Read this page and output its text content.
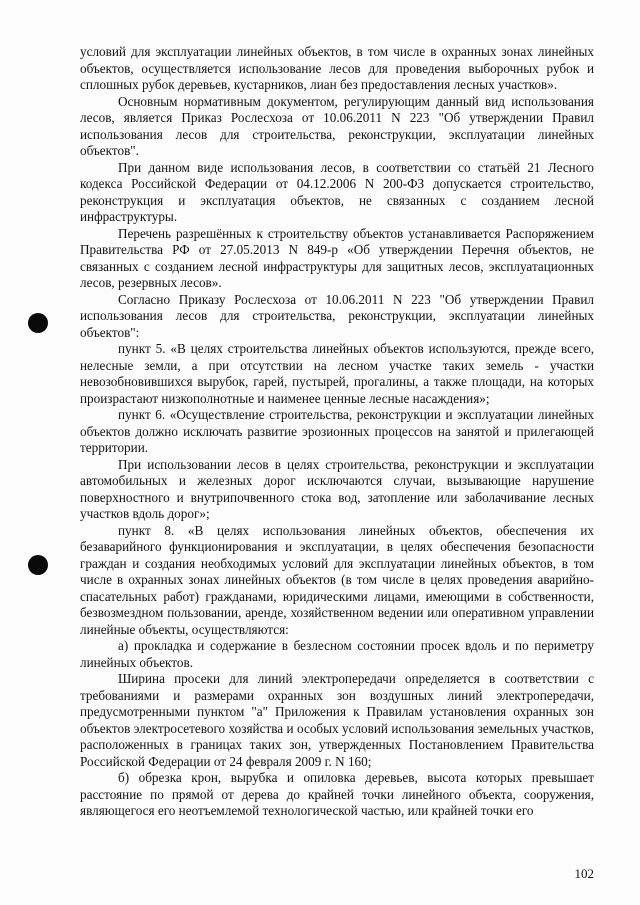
условий для эксплуатации линейных объектов, в том числе в охранных зонах линейных объектов, осуществляется использование лесов для проведения выборочных рубок и сплошных рубок деревьев, кустарников, лиан без предоставления лесных участков».

Основным нормативным документом, регулирующим данный вид использования лесов, является Приказ Рослесхоза от 10.06.2011 N 223 "Об утверждении Правил использования лесов для строительства, реконструкции, эксплуатации линейных объектов".

При данном виде использования лесов, в соответствии со статьёй 21 Лесного кодекса Российской Федерации от 04.12.2006 N 200-ФЗ допускается строительство, реконструкция и эксплуатация объектов, не связанных с созданием лесной инфраструктуры.

Перечень разрешённых к строительству объектов устанавливается Распоряжением Правительства РФ от 27.05.2013 N 849-р «Об утверждении Перечня объектов, не связанных с созданием лесной инфраструктуры для защитных лесов, эксплуатационных лесов, резервных лесов».

Согласно Приказу Рослесхоза от 10.06.2011 N 223 "Об утверждении Правил использования лесов для строительства, реконструкции, эксплуатации линейных объектов":

пункт 5. «В целях строительства линейных объектов используются, прежде всего, нелесные земли, а при отсутствии на лесном участке таких земель - участки невозобновившихся вырубок, гарей, пустырей, прогалины, а также площади, на которых произрастают низкополнотные и наименее ценные лесные насаждения»;

пункт 6. «Осуществление строительства, реконструкции и эксплуатации линейных объектов должно исключать развитие эрозионных процессов на занятой и прилегающей территории.

При использовании лесов в целях строительства, реконструкции и эксплуатации автомобильных и железных дорог исключаются случаи, вызывающие нарушение поверхностного и внутрипочвенного стока вод, затопление или заболачивание лесных участков вдоль дорог»;

пункт 8. «В целях использования линейных объектов, обеспечения их безаварийного функционирования и эксплуатации, в целях обеспечения безопасности граждан и создания необходимых условий для эксплуатации линейных объектов, в том числе в охранных зонах линейных объектов (в том числе в целях проведения аварийно-спасательных работ) гражданами, юридическими лицами, имеющими в собственности, безвозмездном пользовании, аренде, хозяйственном ведении или оперативном управлении линейные объекты, осуществляются:

а) прокладка и содержание в безлесном состоянии просек вдоль и по периметру линейных объектов.

Ширина просеки для линий электропередачи определяется в соответствии с требованиями и размерами охранных зон воздушных линий электропередачи, предусмотренными пунктом "а" Приложения к Правилам установления охранных зон объектов электросетевого хозяйства и особых условий использования земельных участков, расположенных в границах таких зон, утвержденных Постановлением Правительства Российской Федерации от 24 февраля 2009 г. N 160;

б) обрезка крон, вырубка и опиловка деревьев, высота которых превышает расстояние по прямой от дерева до крайней точки линейного объекта, сооружения, являющегося его неотъемлемой технологической частью, или крайней точки его

102
